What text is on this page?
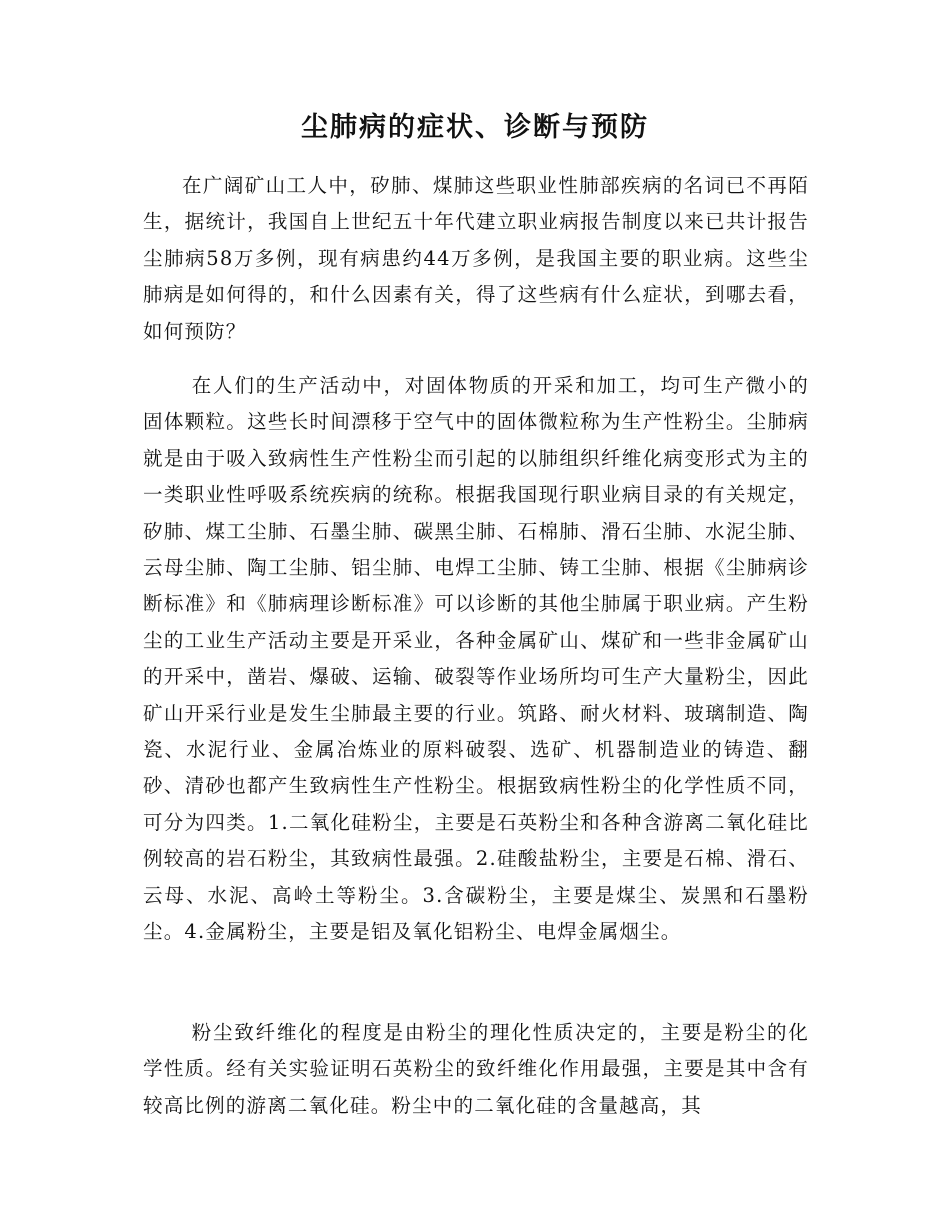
尘肺病的症状、诊断与预防

在广阔矿山工人中，矽肺、煤肺这些职业性肺部疾病的名词已不再陌生，据统计，我国自上世纪五十年代建立职业病报告制度以来已共计报告尘肺病58万多例，现有病患约44万多例，是我国主要的职业病。这些尘肺病是如何得的，和什么因素有关，得了这些病有什么症状，到哪去看，如何预防？

在人们的生产活动中，对固体物质的开采和加工，均可生产微小的固体颗粒。这些长时间漂移于空气中的固体微粒称为生产性粉尘。尘肺病就是由于吸入致病性生产性粉尘而引起的以肺组织纤维化病变形式为主的一类职业性呼吸系统疾病的统称。根据我国现行职业病目录的有关规定，矽肺、煤工尘肺、石墨尘肺、碳黑尘肺、石棉肺、滑石尘肺、水泥尘肺、云母尘肺、陶工尘肺、铝尘肺、电焊工尘肺、铸工尘肺、根据《尘肺病诊断标准》和《肺病理诊断标准》可以诊断的其他尘肺属于职业病。产生粉尘的工业生产活动主要是开采业，各种金属矿山、煤矿和一些非金属矿山的开采中，凿岩、爆破、运输、破裂等作业场所均可生产大量粉尘，因此矿山开采行业是发生尘肺最主要的行业。筑路、耐火材料、玻璃制造、陶瓷、水泥行业、金属冶炼业的原料破裂、选矿、机器制造业的铸造、翻砂、清砂也都产生致病性生产性粉尘。根据致病性粉尘的化学性质不同，可分为四类。1.二氧化硅粉尘，主要是石英粉尘和各种含游离二氧化硅比例较高的岩石粉尘，其致病性最强。2.硅酸盐粉尘，主要是石棉、滑石、云母、水泥、高岭土等粉尘。3.含碳粉尘，主要是煤尘、炭黑和石墨粉尘。4.金属粉尘，主要是铝及氧化铝粉尘、电焊金属烟尘。

粉尘致纤维化的程度是由粉尘的理化性质决定的，主要是粉尘的化学性质。经有关实验证明石英粉尘的致纤维化作用最强，主要是其中含有较高比例的游离二氧化硅。粉尘中的二氧化硅的含量越高，其
